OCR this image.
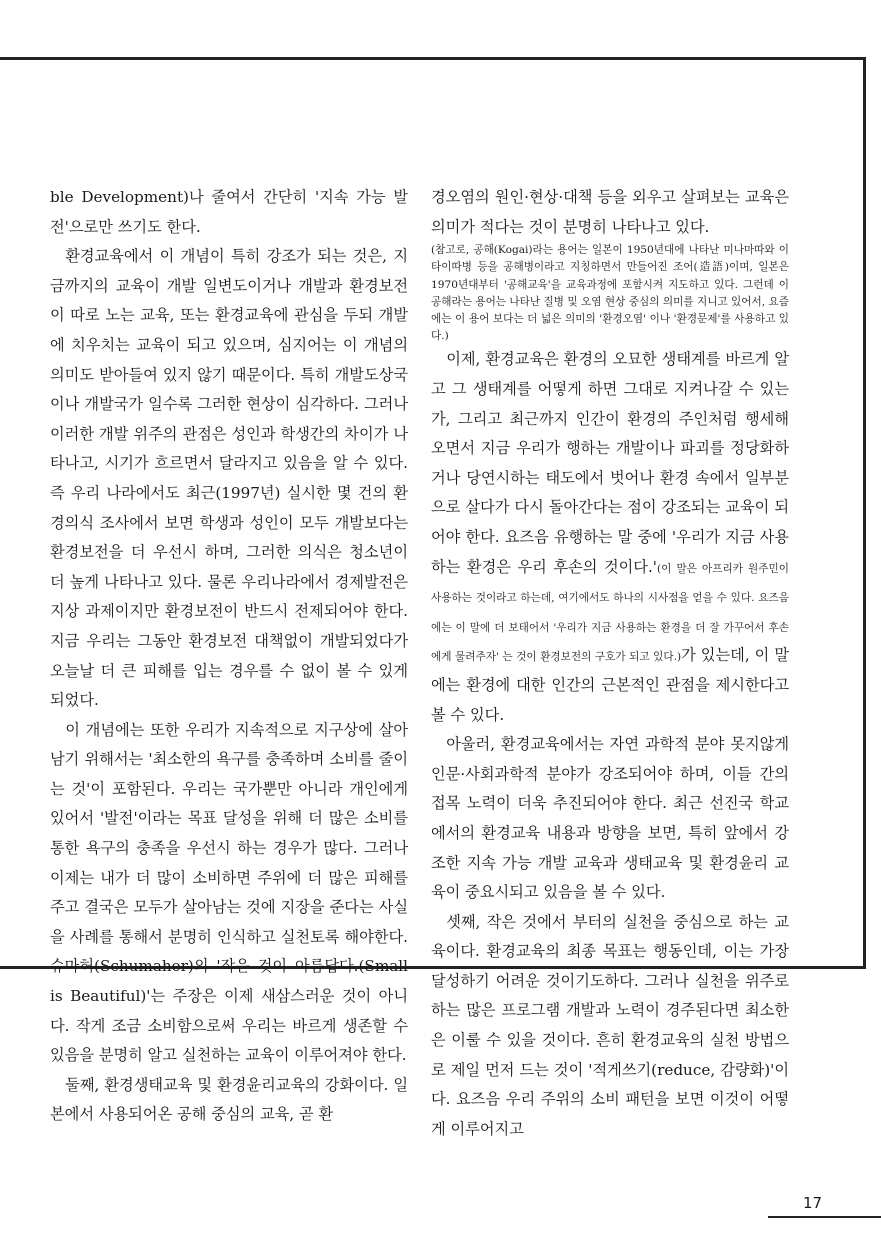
ble Development)나 줄여서 간단히 '지속 가능 발전'으로만 쓰기도 한다.

환경교육에서 이 개념이 특히 강조가 되는 것은, 지금까지의 교육이 개발 일변도이거나 개발과 환경보전이 따로 노는 교육, 또는 환경교육에 관심을 두되 개발에 치우치는 교육이 되고 있으며, 심지어는 이 개념의 의미도 받아들여 있지 않기 때문이다. 특히 개발도상국이나 개발국가 일수록 그러한 현상이 심각하다. 그러나 이러한 개발 위주의 관점은 성인과 학생간의 차이가 나타나고, 시기가 흐르면서 달라지고 있음을 알 수 있다. 즉 우리 나라에서도 최근(1997년) 실시한 몇 건의 환경의식 조사에서 보면 학생과 성인이 모두 개발보다는 환경보전을 더 우선시 하며, 그러한 의식은 청소년이 더 높게 나타나고 있다. 물론 우리나라에서 경제발전은 지상 과제이지만 환경보전이 반드시 전제되어야 한다. 지금 우리는 그동안 환경보전 대책없이 개발되었다가 오늘날 더 큰 피해를 입는 경우를 수 없이 볼 수 있게 되었다.

이 개념에는 또한 우리가 지속적으로 지구상에 살아 남기 위해서는 '최소한의 욕구를 충족하며 소비를 줄이는 것'이 포함된다. 우리는 국가뿐만 아니라 개인에게 있어서 '발전'이라는 목표 달성을 위해 더 많은 소비를 통한 욕구의 충족을 우선시 하는 경우가 많다. 그러나 이제는 내가 더 많이 소비하면 주위에 더 많은 피해를 주고 결국은 모두가 살아남는 것에 지장을 준다는 사실을 사례를 통해서 분명히 인식하고 실천토록 해야한다. 슈마허(Schumaher)의 '작은 것이 아름답다.(Small is Beautiful)'는 주장은 이제 새삼스러운 것이 아니다. 작게 조금 소비함으로써 우리는 바르게 생존할 수 있음을 분명히 알고 실천하는 교육이 이루어져야 한다.

둘째, 환경생태교육 및 환경윤리교육의 강화이다. 일본에서 사용되어온 공해 중심의 교육, 곧 환

경오염의 원인·현상·대책 등을 외우고 살펴보는 교육은 의미가 적다는 것이 분명히 나타나고 있다.

(참고로, 공해(Kogai)라는 용어는 일본이 1950년대에 나타난 미나마따와 이타이따병 등을 공해병이라고 지칭하면서 만들어진 조어(造語)이며, 일본은 1970년대부터 '공해교육'을 교육과정에 포함시켜 지도하고 있다. 그런데 이 공해라는 용어는 나타난 질병 및 오염 현상 중심의 의미를 지니고 있어서, 요즘에는 이 용어 보다는 더 넓은 의미의 '환경오염' 이나 '환경문제'를 사용하고 있다.)

이제, 환경교육은 환경의 오묘한 생태계를 바르게 알고 그 생태계를 어떻게 하면 그대로 지켜나갈 수 있는가, 그리고 최근까지 인간이 환경의 주인처럼 행세해 오면서 지금 우리가 행하는 개발이나 파괴를 정당화하거나 당연시하는 태도에서 벗어나 환경 속에서 일부분으로 살다가 다시 돌아간다는 점이 강조되는 교육이 되어야 한다. 요즈음 유행하는 말 중에 '우리가 지금 사용하는 환경은 우리 후손의 것이다.'(이 말은 아프리카 원주민이 사용하는 것이라고 하는데, 여기에서도 하나의 시사점을 얻을 수 있다. 요즈음에는 이 말에 더 보태어서 '우리가 지금 사용하는 환경을 더 잘 가꾸어서 후손에게 물려주자' 는 것이 환경보전의 구호가 되고 있다.)가 있는데, 이 말에는 환경에 대한 인간의 근본적인 관점을 제시한다고 볼 수 있다.

아울러, 환경교육에서는 자연 과학적 분야 못지않게 인문·사회과학적 분야가 강조되어야 하며, 이들 간의 접목 노력이 더욱 추진되어야 한다. 최근 선진국 학교에서의 환경교육 내용과 방향을 보면, 특히 앞에서 강조한 지속 가능 개발 교육과 생태교육 및 환경윤리 교육이 중요시되고 있음을 볼 수 있다.

셋째, 작은 것에서 부터의 실천을 중심으로 하는 교육이다. 환경교육의 최종 목표는 행동인데, 이는 가장 달성하기 어려운 것이기도하다. 그러나 실천을 위주로 하는 많은 프로그램 개발과 노력이 경주된다면 최소한은 이룰 수 있을 것이다. 흔히 환경교육의 실천 방법으로 제일 먼저 드는 것이 '적게쓰기(reduce, 감량화)'이다. 요즈음 우리 주위의 소비 패턴을 보면 이것이 어떻게 이루어지고

17
